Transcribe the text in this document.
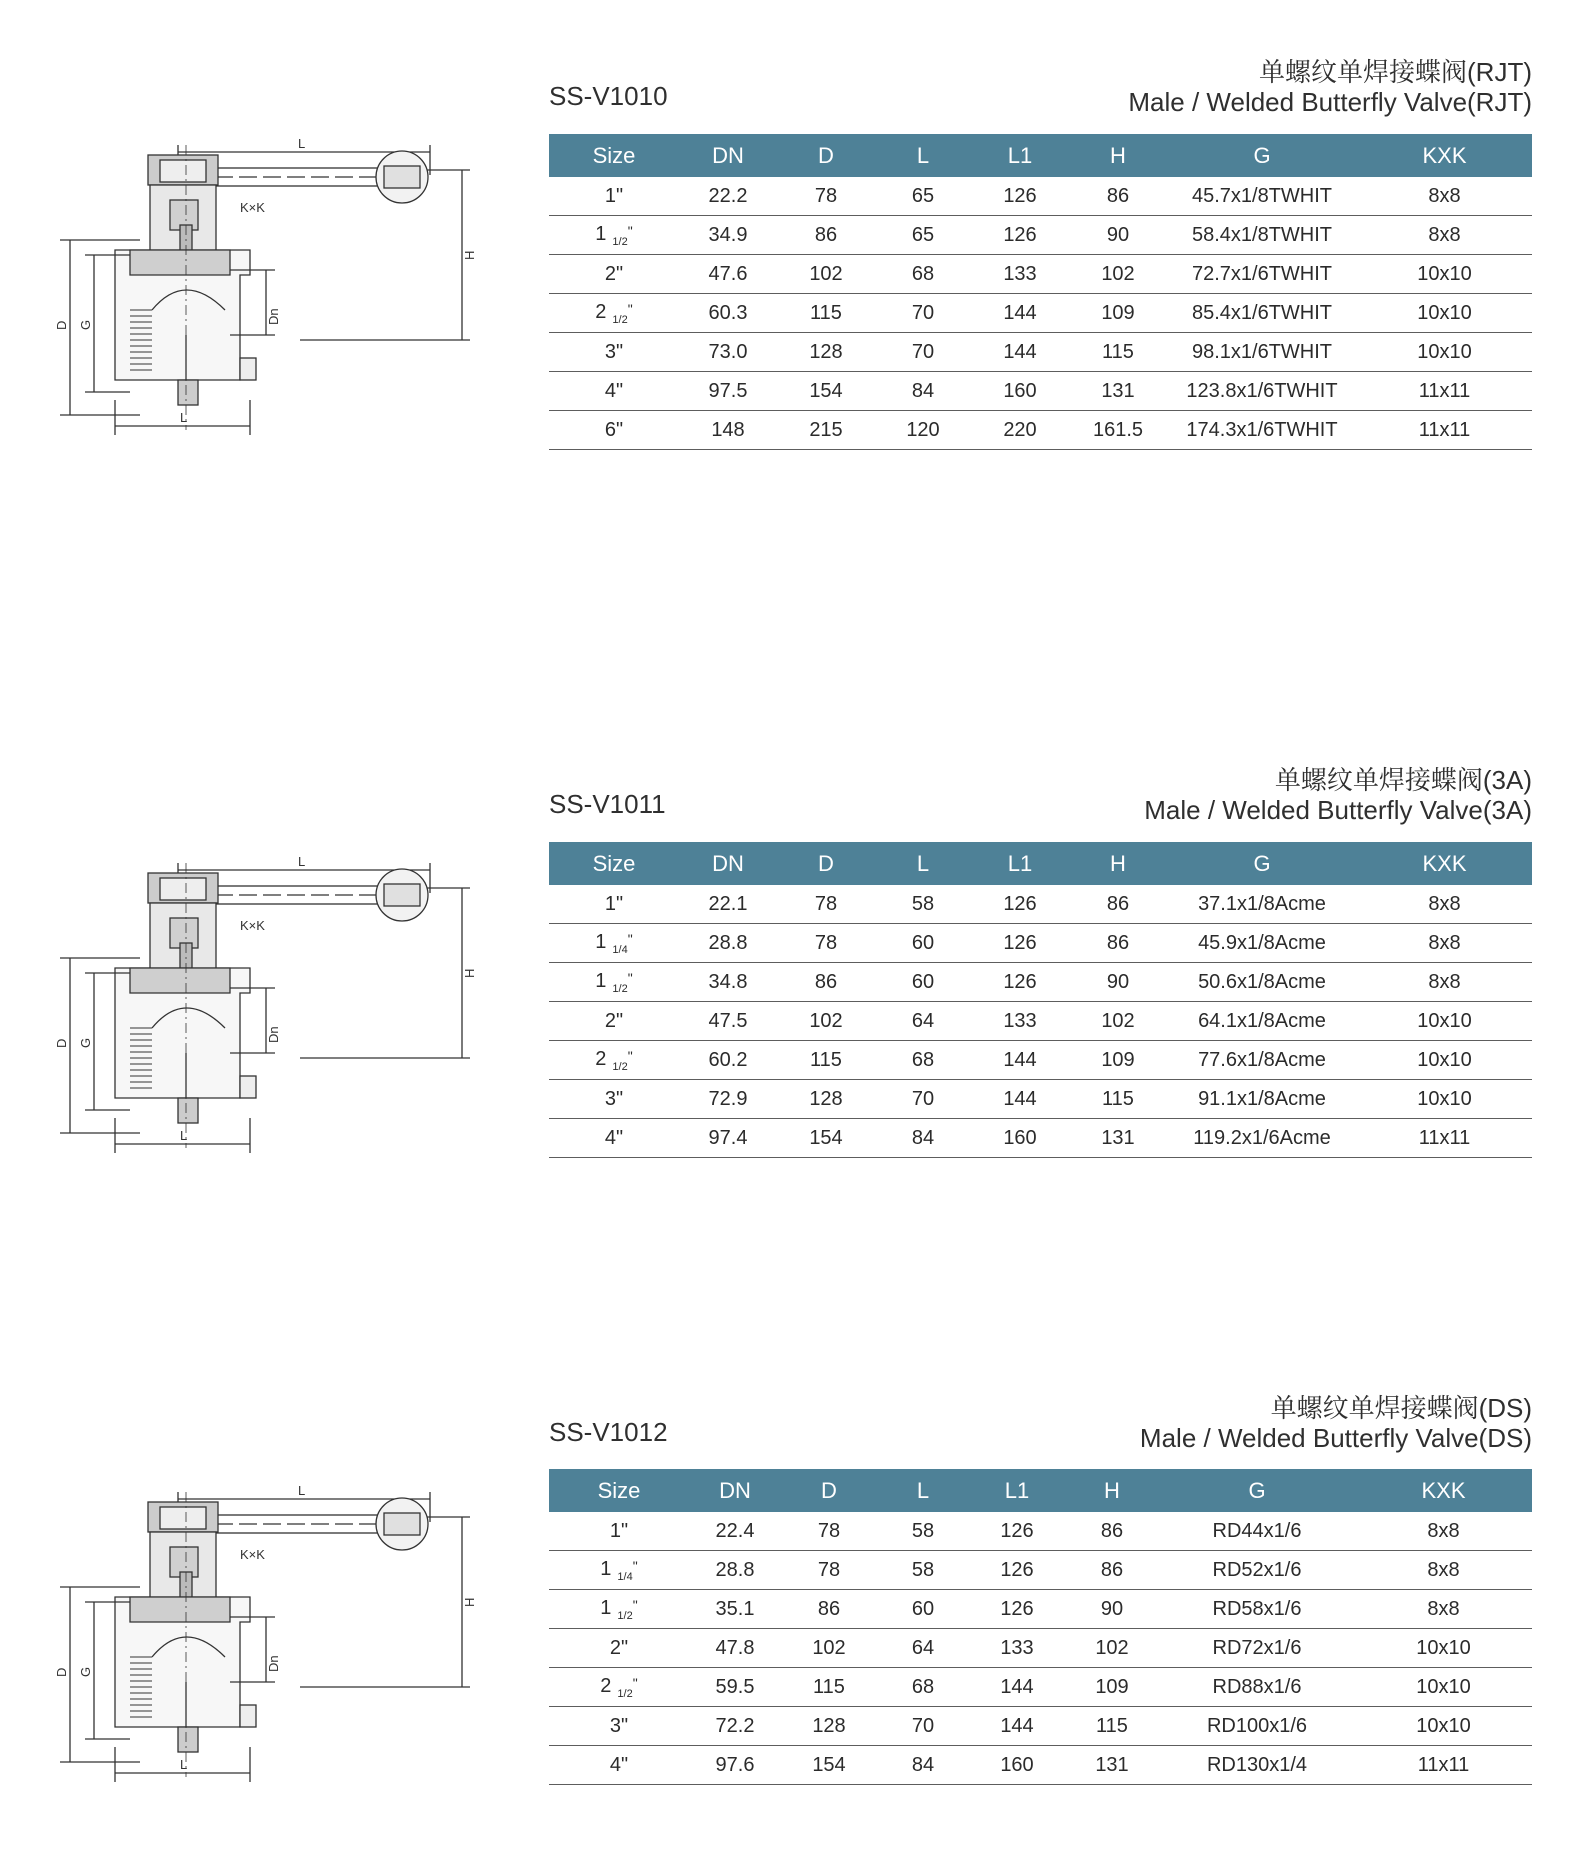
L
H
K×K
D G	Dn
L
SS-V1010
单螺纹单焊接蝶阀(RJT)
Male / Welded Butterfly Valve(RJT)
Size	DN	D	L	L1	H	G	KXK
1"	22.2	78	65	126	86	45.7x1/8TWHIT	8x8
1 $_{1/2}$"	34.9	86	65	126	90	58.4x1/8TWHIT	8x8
2"	47.6	102	68	133	102	72.7x1/6TWHIT	10x10
2 $_{1/2}$"	60.3	115	70	144	109	85.4x1/6TWHIT	10x10
3"	73.0	128	70	144	115	98.1x1/6TWHIT	10x10
4"	97.5	154	84	160	131	123.8x1/6TWHIT	11x11
6"	148	215	120	220	161.5	174.3x1/6TWHIT	11x11
L
H
K×K
D G	Dn
L
SS-V1011
单螺纹单焊接蝶阀(3A)
Male / Welded Butterfly Valve(3A)
Size	DN	D	L	L1	H	G	KXK
1"	22.1	78	58	126	86	37.1x1/8Acme	8x8
1 $_{1/4}$"	28.8	78	60	126	86	45.9x1/8Acme	8x8
1 $_{1/2}$"	34.8	86	60	126	90	50.6x1/8Acme	8x8
2"	47.5	102	64	133	102	64.1x1/8Acme	10x10
2 $_{1/2}$"	60.2	115	68	144	109	77.6x1/8Acme	10x10
3"	72.9	128	70	144	115	91.1x1/8Acme	10x10
4"	97.4	154	84	160	131	119.2x1/6Acme	11x11
L
H
K×K
D G	Dn
L
SS-V1012
单螺纹单焊接蝶阀(DS)
Male / Welded Butterfly Valve(DS)
Size	DN	D	L	L1	H	G	KXK
1"	22.4	78	58	126	86	RD44x1/6	8x8
1 $_{1/4}$"	28.8	78	58	126	86	RD52x1/6	8x8
1 $_{1/2}$"	35.1	86	60	126	90	RD58x1/6	8x8
2"	47.8	102	64	133	102	RD72x1/6	10x10
2 $_{1/2}$"	59.5	115	68	144	109	RD88x1/6	10x10
3"	72.2	128	70	144	115	RD100x1/6	10x10
4"	97.6	154	84	160	131	RD130x1/4	11x11
